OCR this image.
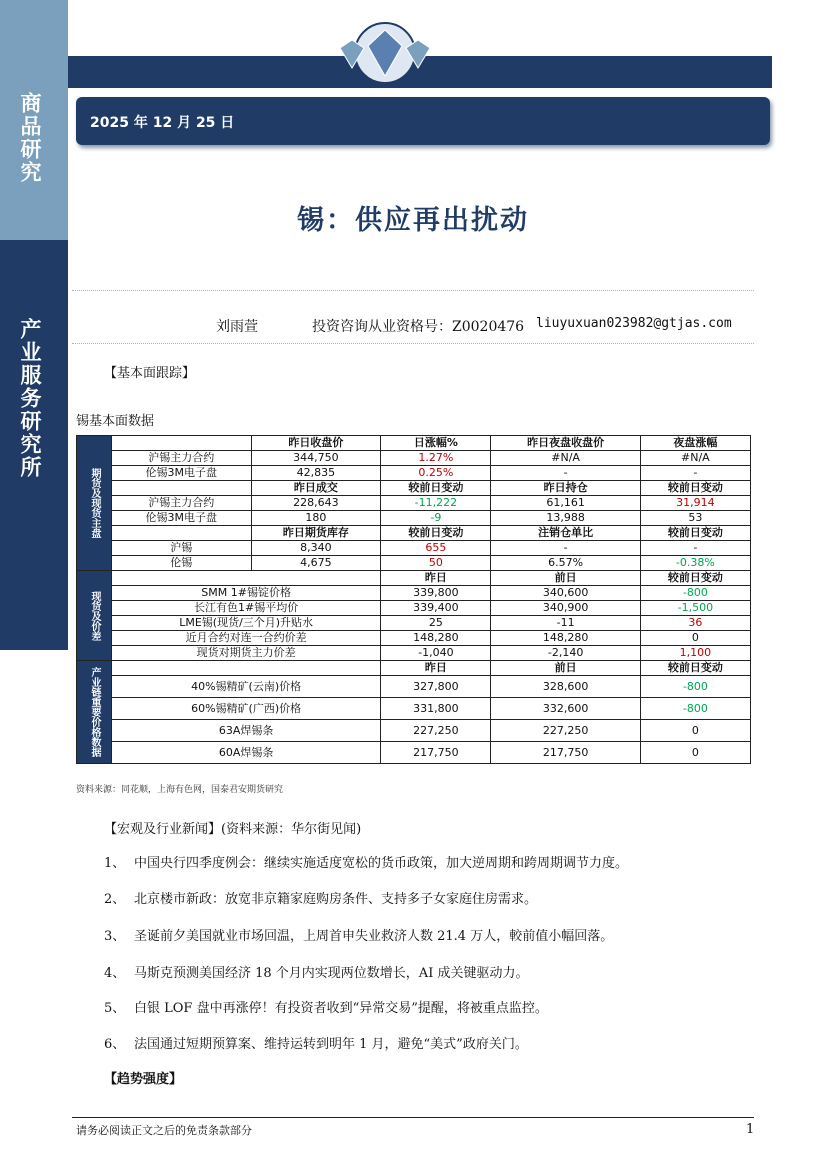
商品研究
产业服务研究所
2025 年 12 月 25 日
锡：供应再出扰动
刘雨萱	投资咨询从业资格号：Z0020476 liuyuxuan023982@gtjas.com
【基本面跟踪】
锡基本面数据
期货及现货主盘		昨日收盘价	日涨幅%	昨日夜盘收盘价	夜盘涨幅
	沪锡主力合约	344,750	1.27%	#N/A	#N/A
	伦锡3M电子盘	42,835	0.25%	-	-
		昨日成交	较前日变动	昨日持仓	较前日变动
	沪锡主力合约	228,643	-11,222	61,161	31,914
	伦锡3M电子盘	180	-9	13,988	53
		昨日期货库存	较前日变动	注销仓单比	较前日变动
	沪锡	8,340	655	-	-
	伦锡	4,675	50	6.57%	-0.38%
现货及价差			昨日	前日	较前日变动
	SMM 1#锡锭价格		339,800	340,600	-800
	长江有色1#锡平均价		339,400	340,900	-1,500
	LME锡(现货/三个月)升贴水		25	-11	36
	近月合约对连一合约价差		148,280	148,280	0
	现货对期货主力价差		-1,040	-2,140	1,100
产业链重要价格数据			昨日	前日	较前日变动
	40%锡精矿(云南)价格		327,800	328,600	-800
	60%锡精矿(广西)价格		331,800	332,600	-800
	63A焊锡条		227,250	227,250	0
	60A焊锡条		217,750	217,750	0
资料来源：同花顺，上海有色网，国泰君安期货研究
【宏观及行业新闻】(资料来源：华尔街见闻)
1、 中国央行四季度例会：继续实施适度宽松的货币政策，加大逆周期和跨周期调节力度。
2、 北京楼市新政：放宽非京籍家庭购房条件、支持多子女家庭住房需求。
3、 圣诞前夕美国就业市场回温，上周首申失业救济人数 21.4 万人，較前值小幅回落。
4、 马斯克预测美国经济 18 个月内实现两位数增长，AI 成关键驱动力。
5、 白银 LOF 盘中再涨停！有投资者收到“异常交易”提醒，将被重点监控。
6、 法国通过短期预算案、维持运转到明年 1 月，避免“美式”政府关门。
【趋势强度】
请务必阅读正文之后的免责条款部分	1
